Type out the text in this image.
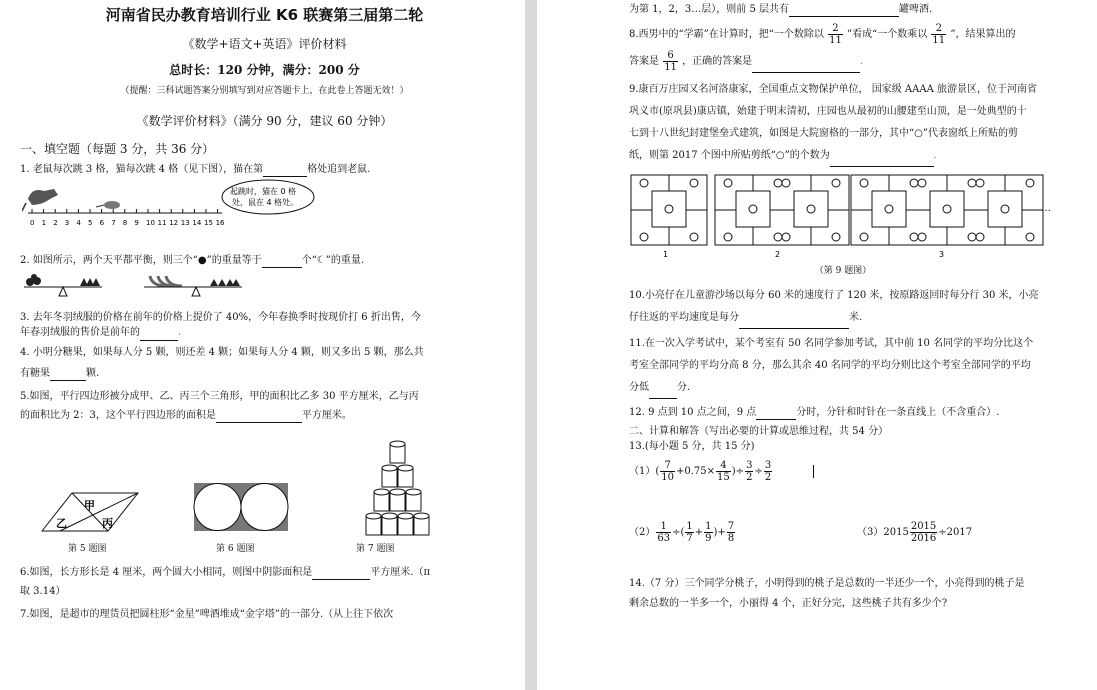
河南省民办教育培训行业 K6 联赛第三届第二轮
《数学+语文+英语》评价材料
总时长：120 分钟，满分：200 分
（提醒：三科试题答案分别填写到对应答题卡上，在此卷上答题无效！）
《数学评价材料》（满分 90 分，建议 60 分钟）
一、填空题（每题 3 分，共 36 分）
1. 老鼠每次跳 3 格，猫每次跳 4 格（见下图），猫在第	格处追到老鼠.
0 1 2 3 4 5 6 7 8 9 10 11 12 13 14 15 16
起跳时，猫在 0 格
处，鼠在 4 格处。
2. 如图所示，两个天平都平衡，则三个“●”的重量等于	个“☾”的重量.
3. 去年冬羽绒服的价格在前年的价格上提价了 40%，今年春换季时按现价打 6 折出售，今
年春羽绒服的售价是前年的	.
4. 小明分糖果，如果每人分 5 颗，则还差 4 颗；如果每人分 4 颗，则又多出 5 颗，那么共
有糖果	颗.
5.如图，平行四边形被分成甲、乙、丙三个三角形，甲的面积比乙多 30 平方厘米，乙与丙
的面积比为 2：3，这个平行四边形的面积是	平方厘米。
甲
乙	丙
第 5 题图	第 6 题图	第 7 题图
6.如图，长方形长是 4 厘米，两个圆大小相同，则图中阴影面积是	平方厘米.（π
取 3.14）
7.如图，是超市的理货员把圆柱形“金星”啤酒堆成“金字塔”的一部分.（从上往下依次
为第 1，2，3…层），则前 5 层共有	罐啤酒.
8.西男中的“学霸”在计算时，把“一个数除以 $\frac{2}{11}$ ”看成“一个数乘以 $\frac{2}{11}$ ”，结果算出的
答案是 $\frac{6}{11}$ ，正确的答案是	.
9.康百万庄园又名河洛康家，全国重点文物保护单位， 国家级 AAAA 旅游景区，位于河南省
巩义市(原巩县)康店镇，始建于明末清初，庄园也从最初的山腰建至山顶，是一处典型的十
七到十八世纪封建堡垒式建筑，如图是大院窗格的一部分，其中“○”代表窗纸上所贴的剪
纸，则第 2017 个图中所贴剪纸“○”的个数为	.
…
1	2	3
（第 9 题图）
10.小亮仔在儿童游沙场以每分 60 米的速度行了 120 米，按原路返回时每分行 30 米，小亮
仔往返的平均速度是每分	米.
11.在一次入学考试中，某个考室有 50 名同学参加考试，其中前 10 名同学的平均分比这个
考室全部同学的平均分高 8 分，那么其余 40 名同学的平均分则比这个考室全部同学的平均
分低	分.
12. 9 点到 10 点之间，9 点	分时，分针和时针在一条直线上（不含重合）.
二、计算和解答（写出必要的计算或思维过程，共 54 分）
13.(每小题 5 分，共 15 分)
$(1)( \frac{7}{10} +0.75\times \frac{4}{15}$ )÷ $\frac{3}{2} \div \frac{3}{2}$
$(2) \frac{1}{63}$ ÷( $\frac{1}{7} + \frac{1}{9}$ )+ $\frac{7}{8}$	$(3)2015 \frac{2015}{2016} \div 2017$
14.（7 分）三个同学分桃子，小明得到的桃子是总数的一半还少一个，小亮得到的桃子是
剩余总数的一半多一个，小丽得 4 个，正好分完，这些桃子共有多少个?
